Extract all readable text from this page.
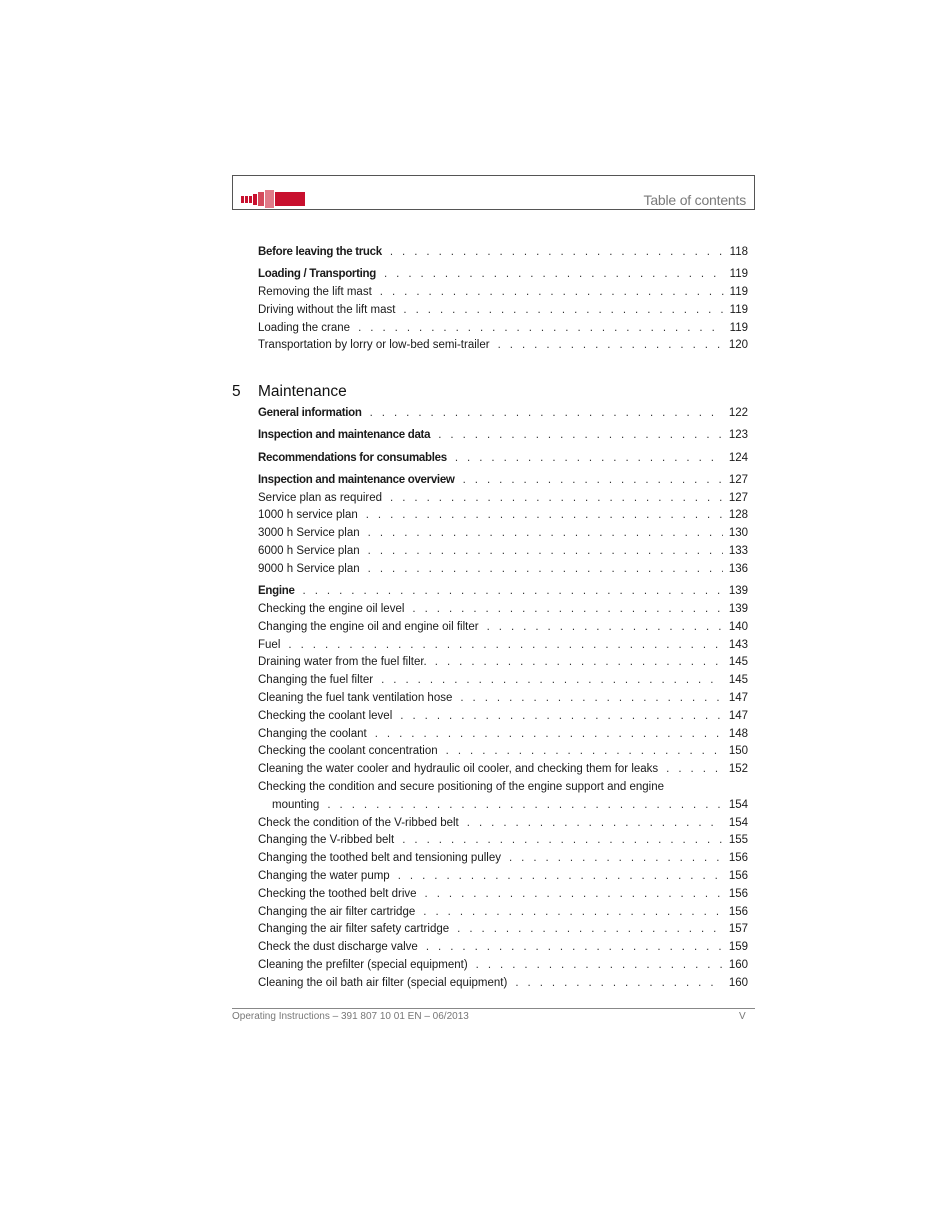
Table of contents
Before leaving the truck . . .	118
Loading / Transporting . . .	119
Removing the lift mast . . .	119
Driving without the lift mast . . .	119
Loading the crane . . .	119
Transportation by lorry or low-bed semi-trailer . . .	120
5	Maintenance
General information . . .	122
Inspection and maintenance data . . .	123
Recommendations for consumables . . .	124
Inspection and maintenance overview . . .	127
Service plan as required . . .	127
1000 h service plan . . .	128
3000 h Service plan . . .	130
6000 h Service plan . . .	133
9000 h Service plan . . .	136
Engine . . .	139
Checking the engine oil level . . .	139
Changing the engine oil and engine oil filter . . .	140
Fuel . . .	143
Draining water from the fuel filter. . . .	145
Changing the fuel filter . . .	145
Cleaning the fuel tank ventilation hose . . .	147
Checking the coolant level . . .	147
Changing the coolant . . .	148
Checking the coolant concentration . . .	150
Cleaning the water cooler and hydraulic oil cooler, and checking them for leaks . . .	152
Checking the condition and secure positioning of the engine support and engine
mounting . . .	154
Check the condition of the V-ribbed belt . . .	154
Changing the V-ribbed belt . . .	155
Changing the toothed belt and tensioning pulley . . .	156
Changing the water pump . . .	156
Checking the toothed belt drive . . .	156
Changing the air filter cartridge . . .	156
Changing the air filter safety cartridge . . .	157
Check the dust discharge valve . . .	159
Cleaning the prefilter (special equipment) . . .	160
Cleaning the oil bath air filter (special equipment) . . .	160
Operating Instructions – 391 807 10 01 EN – 06/2013	V
